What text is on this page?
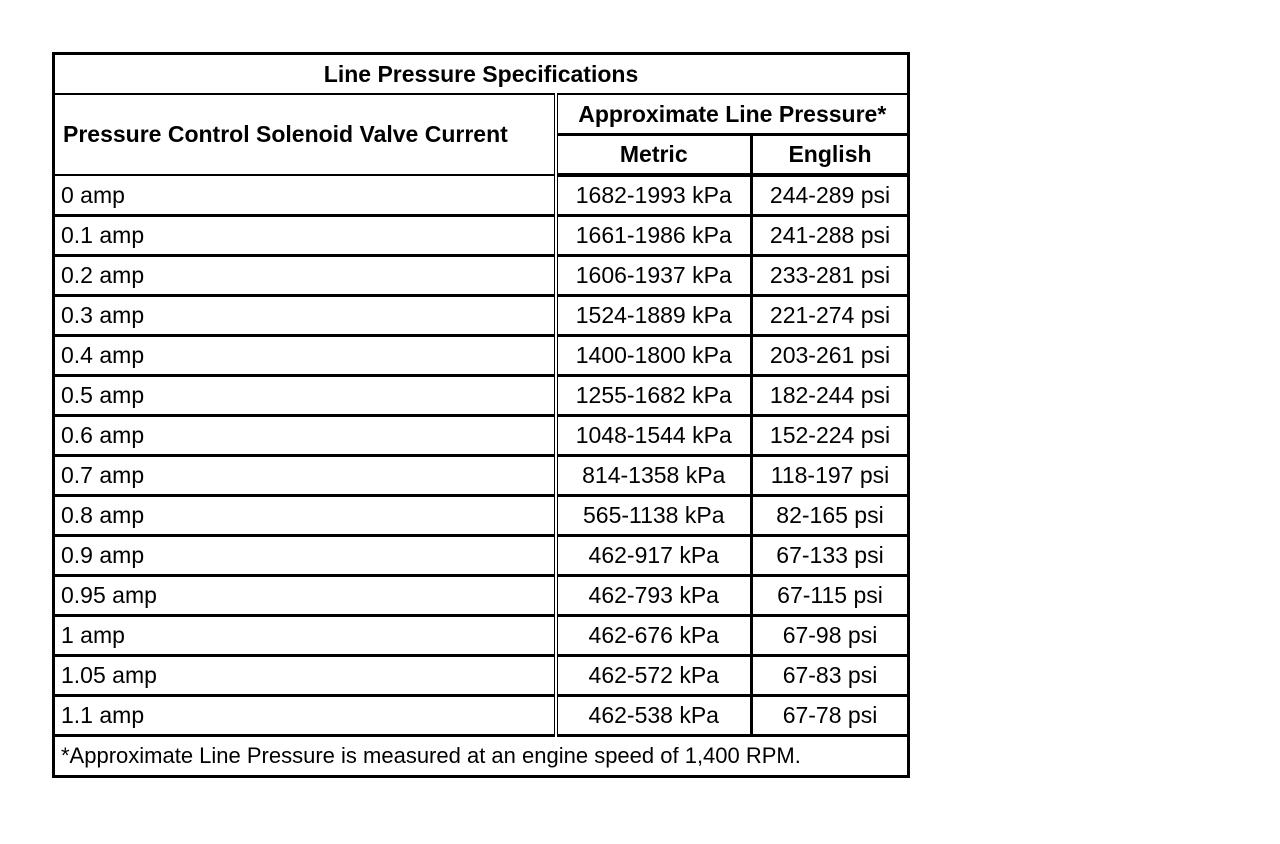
Line Pressure Specifications		
Pressure Control Solenoid Valve Current	Approximate Line Pressure*	
	Metric	English
0 amp	1682-1993 kPa	244-289 psi
0.1 amp	1661-1986 kPa	241-288 psi
0.2 amp	1606-1937 kPa	233-281 psi
0.3 amp	1524-1889 kPa	221-274 psi
0.4 amp	1400-1800 kPa	203-261 psi
0.5 amp	1255-1682 kPa	182-244 psi
0.6 amp	1048-1544 kPa	152-224 psi
0.7 amp	814-1358 kPa	118-197 psi
0.8 amp	565-1138 kPa	82-165 psi
0.9 amp	462-917 kPa	67-133 psi
0.95 amp	462-793 kPa	67-115 psi
1 amp	462-676 kPa	67-98 psi
1.05 amp	462-572 kPa	67-83 psi
1.1 amp	462-538 kPa	67-78 psi
*Approximate Line Pressure is measured at an engine speed of 1,400 RPM.		
